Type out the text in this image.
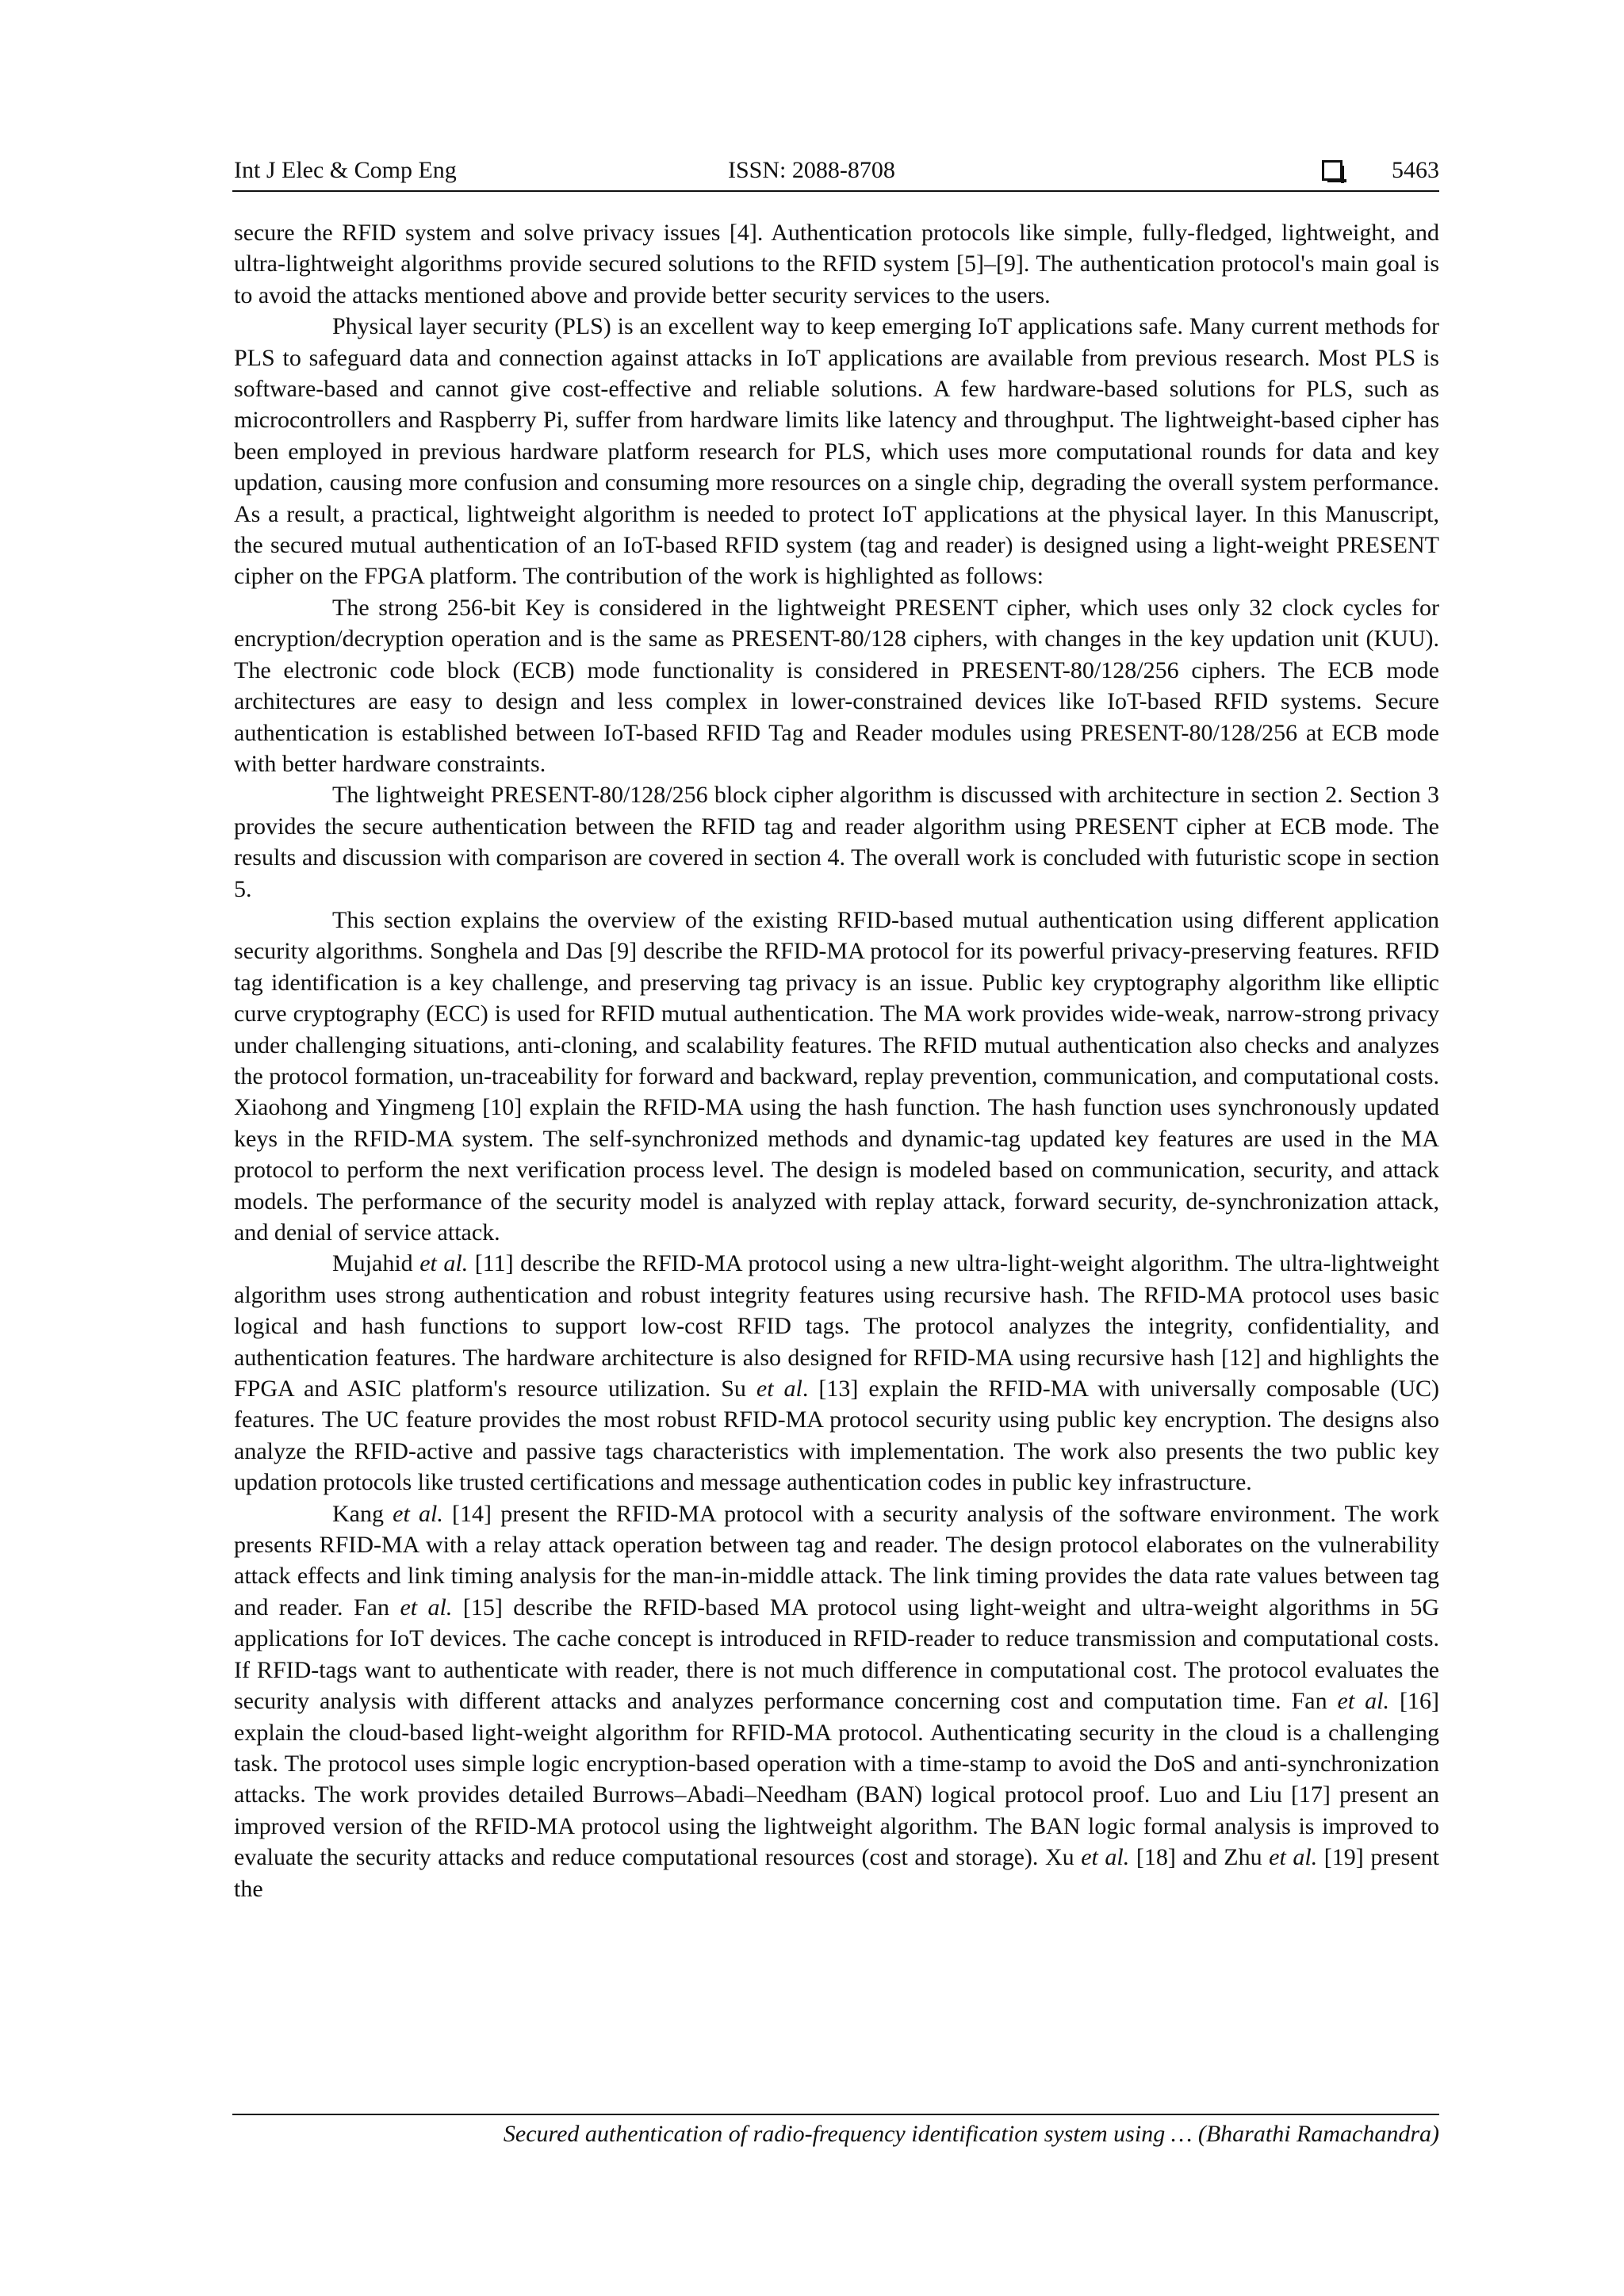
Int J Elec & Comp Eng	ISSN: 2088-8708	5463

secure the RFID system and solve privacy issues [4]. Authentication protocols like simple, fully-fledged, lightweight, and ultra-lightweight algorithms provide secured solutions to the RFID system [5]–[9]. The authentication protocol's main goal is to avoid the attacks mentioned above and provide better security services to the users.

Physical layer security (PLS) is an excellent way to keep emerging IoT applications safe. Many current methods for PLS to safeguard data and connection against attacks in IoT applications are available from previous research. Most PLS is software-based and cannot give cost-effective and reliable solutions. A few hardware-based solutions for PLS, such as microcontrollers and Raspberry Pi, suffer from hardware limits like latency and throughput. The lightweight-based cipher has been employed in previous hardware platform research for PLS, which uses more computational rounds for data and key updation, causing more confusion and consuming more resources on a single chip, degrading the overall system performance. As a result, a practical, lightweight algorithm is needed to protect IoT applications at the physical layer. In this Manuscript, the secured mutual authentication of an IoT-based RFID system (tag and reader) is designed using a light-weight PRESENT cipher on the FPGA platform. The contribution of the work is highlighted as follows:

The strong 256-bit Key is considered in the lightweight PRESENT cipher, which uses only 32 clock cycles for encryption/decryption operation and is the same as PRESENT-80/128 ciphers, with changes in the key updation unit (KUU). The electronic code block (ECB) mode functionality is considered in PRESENT-80/128/256 ciphers. The ECB mode architectures are easy to design and less complex in lower-constrained devices like IoT-based RFID systems. Secure authentication is established between IoT-based RFID Tag and Reader modules using PRESENT-80/128/256 at ECB mode with better hardware constraints.

The lightweight PRESENT-80/128/256 block cipher algorithm is discussed with architecture in section 2. Section 3 provides the secure authentication between the RFID tag and reader algorithm using PRESENT cipher at ECB mode. The results and discussion with comparison are covered in section 4. The overall work is concluded with futuristic scope in section 5.

This section explains the overview of the existing RFID-based mutual authentication using different application security algorithms. Songhela and Das [9] describe the RFID-MA protocol for its powerful privacy-preserving features. RFID tag identification is a key challenge, and preserving tag privacy is an issue. Public key cryptography algorithm like elliptic curve cryptography (ECC) is used for RFID mutual authentication. The MA work provides wide-weak, narrow-strong privacy under challenging situations, anti-cloning, and scalability features. The RFID mutual authentication also checks and analyzes the protocol formation, un-traceability for forward and backward, replay prevention, communication, and computational costs. Xiaohong and Yingmeng [10] explain the RFID-MA using the hash function. The hash function uses synchronously updated keys in the RFID-MA system. The self-synchronized methods and dynamic-tag updated key features are used in the MA protocol to perform the next verification process level. The design is modeled based on communication, security, and attack models. The performance of the security model is analyzed with replay attack, forward security, de-synchronization attack, and denial of service attack.

Mujahid et al. [11] describe the RFID-MA protocol using a new ultra-light-weight algorithm. The ultra-lightweight algorithm uses strong authentication and robust integrity features using recursive hash. The RFID-MA protocol uses basic logical and hash functions to support low-cost RFID tags. The protocol analyzes the integrity, confidentiality, and authentication features. The hardware architecture is also designed for RFID-MA using recursive hash [12] and highlights the FPGA and ASIC platform's resource utilization. Su et al. [13] explain the RFID-MA with universally composable (UC) features. The UC feature provides the most robust RFID-MA protocol security using public key encryption. The designs also analyze the RFID-active and passive tags characteristics with implementation. The work also presents the two public key updation protocols like trusted certifications and message authentication codes in public key infrastructure.

Kang et al. [14] present the RFID-MA protocol with a security analysis of the software environment. The work presents RFID-MA with a relay attack operation between tag and reader. The design protocol elaborates on the vulnerability attack effects and link timing analysis for the man-in-middle attack. The link timing provides the data rate values between tag and reader. Fan et al. [15] describe the RFID-based MA protocol using light-weight and ultra-weight algorithms in 5G applications for IoT devices. The cache concept is introduced in RFID-reader to reduce transmission and computational costs. If RFID-tags want to authenticate with reader, there is not much difference in computational cost. The protocol evaluates the security analysis with different attacks and analyzes performance concerning cost and computation time. Fan et al. [16] explain the cloud-based light-weight algorithm for RFID-MA protocol. Authenticating security in the cloud is a challenging task. The protocol uses simple logic encryption-based operation with a time-stamp to avoid the DoS and anti-synchronization attacks. The work provides detailed Burrows–Abadi–Needham (BAN) logical protocol proof. Luo and Liu [17] present an improved version of the RFID-MA protocol using the lightweight algorithm. The BAN logic formal analysis is improved to evaluate the security attacks and reduce computational resources (cost and storage). Xu et al. [18] and Zhu et al. [19] present the

Secured authentication of radio-frequency identification system using … (Bharathi Ramachandra)
